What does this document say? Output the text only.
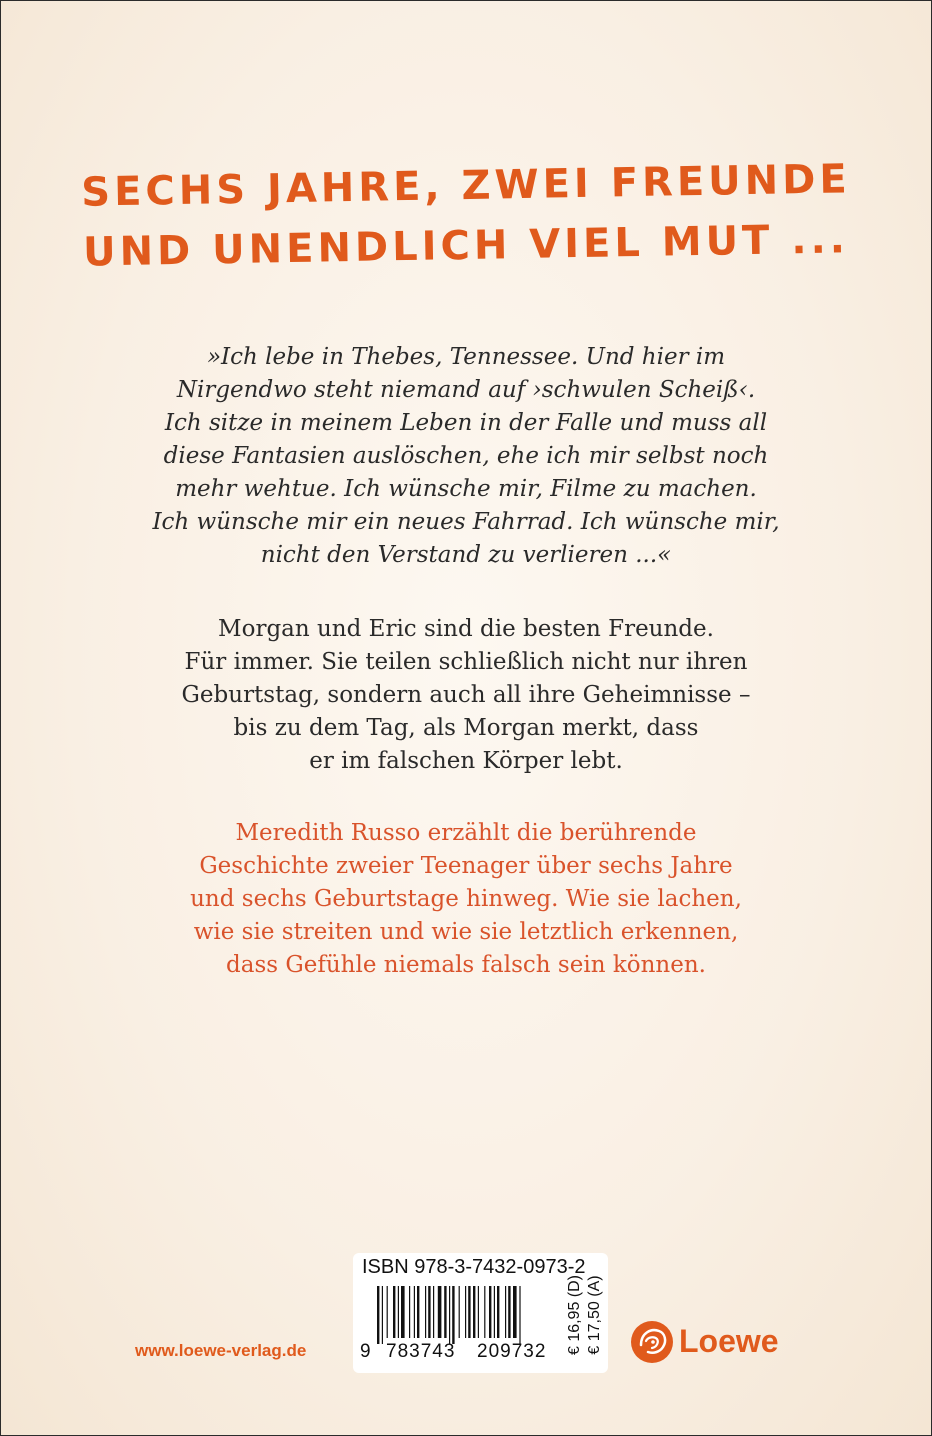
SECHS JAHRE, ZWEI FREUNDE
UND UNENDLICH VIEL MUT ...
»Ich lebe in Thebes, Tennessee. Und hier im
Nirgendwo steht niemand auf ›schwulen Scheiß‹.
Ich sitze in meinem Leben in der Falle und muss all
diese Fantasien auslöschen, ehe ich mir selbst noch
mehr wehtue. Ich wünsche mir, Filme zu machen.
Ich wünsche mir ein neues Fahrrad. Ich wünsche mir,
nicht den Verstand zu verlieren ...«
Morgan und Eric sind die besten Freunde.
Für immer. Sie teilen schließlich nicht nur ihren
Geburtstag, sondern auch all ihre Geheimnisse –
bis zu dem Tag, als Morgan merkt, dass
er im falschen Körper lebt.
Meredith Russo erzählt die berührende
Geschichte zweier Teenager über sechs Jahre
und sechs Geburtstage hinweg. Wie sie lachen,
wie sie streiten und wie sie letztlich erkennen,
dass Gefühle niemals falsch sein können.
www.loewe-verlag.de
ISBN 978-3-7432-0973-2
9 783743 209732 € 16,95 (D) € 17,50 (A) Loewe
